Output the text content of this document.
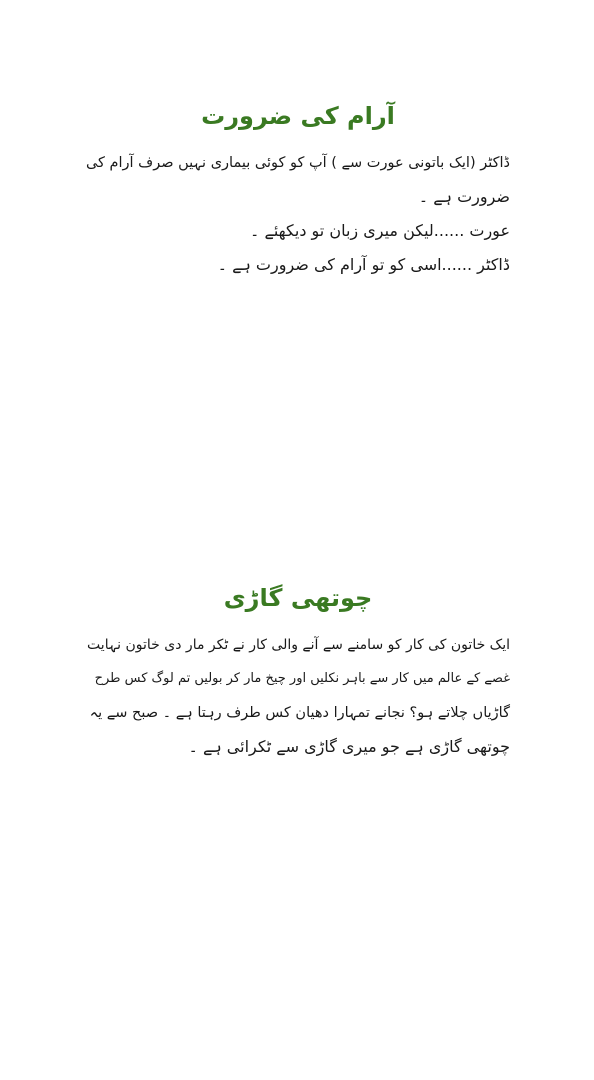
آرام کی ضرورت
ڈاکٹر (ایک باتونی عورت سے ) آپ کو کوئی بیماری نہیں صرف آرام کی
ضرورت ہے ۔
عورت ......لیکن میری زبان تو دیکھئے ۔
ڈاکٹر ......اسی کو تو آرام کی ضرورت ہے ۔
چوتھی گاڑی
ایک خاتون کی کار کو سامنے سے آنے والی کار نے ٹکر مار دی خاتون نہایت
غصے کے عالم میں کار سے باہر نکلیں اور چیخ مار کر بولیں تم لوگ کس طرح
گاڑیاں چلاتے ہو؟ نجانے تمہارا دھیان کس طرف رہتا ہے ۔ صبح سے یہ
چوتھی گاڑی ہے جو میری گاڑی سے ٹکرائی ہے ۔
